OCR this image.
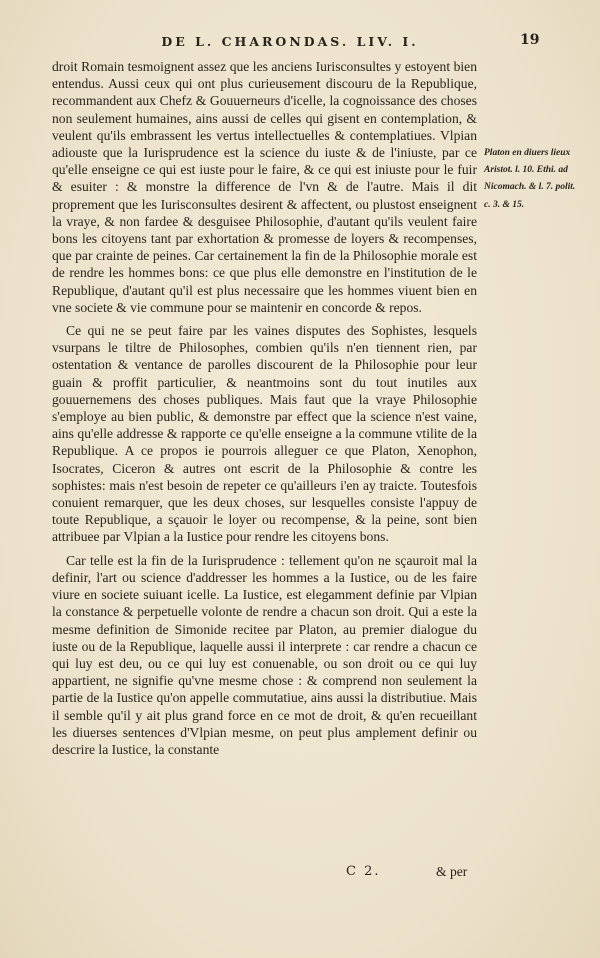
DE L. CHARONDAS. LIV. I.	19

droit Romain tesmoignent assez que les anciens Iurisconsultes y estoyent bien entendus. Aussi ceux qui ont plus curieusement discouru de la Republique, recommandent aux Chefz & Gouuerneurs d'icelle, la cognoissance des choses non seulement humaines, ains aussi de celles qui gisent en contemplation, & veulent qu'ils embrassent les vertus intellectuelles & contemplatiues. Vlpian adiouste que la Iurisprudence est la science du iuste & de l'iniuste, par ce qu'elle enseigne ce qui est iuste pour le faire, & ce qui est iniuste pour le fuir & esuiter : & monstre la difference de l'vn & de l'autre. Mais il dit proprement que les Iurisconsultes desirent & affectent, ou plustost enseignent la vraye, & non fardee & desguisee Philosophie, d'autant qu'ils veulent faire bons les citoyens tant par exhortation & promesse de loyers & recompenses, que par crainte de peines. Car certainement la fin de la Philosophie morale est de rendre les hommes bons: ce que plus elle demonstre en l'institution de le Republique, d'autant qu'il est plus necessaire que les hommes viuent bien en vne societe & vie commune pour se maintenir en concorde & repos.

Ce qui ne se peut faire par les vaines disputes des Sophistes, lesquels vsurpans le tiltre de Philosophes, combien qu'ils n'en tiennent rien, par ostentation & ventance de parolles discourent de la Philosophie pour leur guain & proffit particulier, & neantmoins sont du tout inutiles aux gouuernemens des choses publiques. Mais faut que la vraye Philosophie s'employe au bien public, & demonstre par effect que la science n'est vaine, ains qu'elle addresse & rapporte ce qu'elle enseigne a la commune vtilite de la Republique. A ce propos ie pourrois alleguer ce que Platon, Xenophon, Isocrates, Ciceron & autres ont escrit de la Philosophie & contre les sophistes: mais n'est besoin de repeter ce qu'ailleurs i'en ay traicte. Toutesfois conuient remarquer, que les deux choses, sur lesquelles consiste l'appuy de toute Republique, a sçauoir le loyer ou recompense, & la peine, sont bien attribuee par Vlpian a la Iustice pour rendre les citoyens bons.

Car telle est la fin de la Iurisprudence : tellement qu'on ne sçauroit mal la definir, l'art ou science d'addresser les hommes a la Iustice, ou de les faire viure en societe suiuant icelle. La Iustice, est elegamment definie par Vlpian la constance & perpetuelle volonte de rendre a chacun son droit. Qui a este la mesme definition de Simonide recitee par Platon, au premier dialogue du iuste ou de la Republique, laquelle aussi il interprete : car rendre a chacun ce qui luy est deu, ou ce qui luy est conuenable, ou son droit ou ce qui luy appartient, ne signifie qu'vne mesme chose : & comprend non seulement la partie de la Iustice qu'on appelle commutatiue, ains aussi la distributiue. Mais il semble qu'il y ait plus grand force en ce mot de droit, & qu'en recueillant les diuerses sentences d'Vlpian mesme, on peut plus amplement definir ou descrire la Iustice, la constante

Platon en diuers lieux Aristot. l. 10. Ethi. ad Nicomach. & l. 7. polit. c. 3. & 15.
C 2.	& per
